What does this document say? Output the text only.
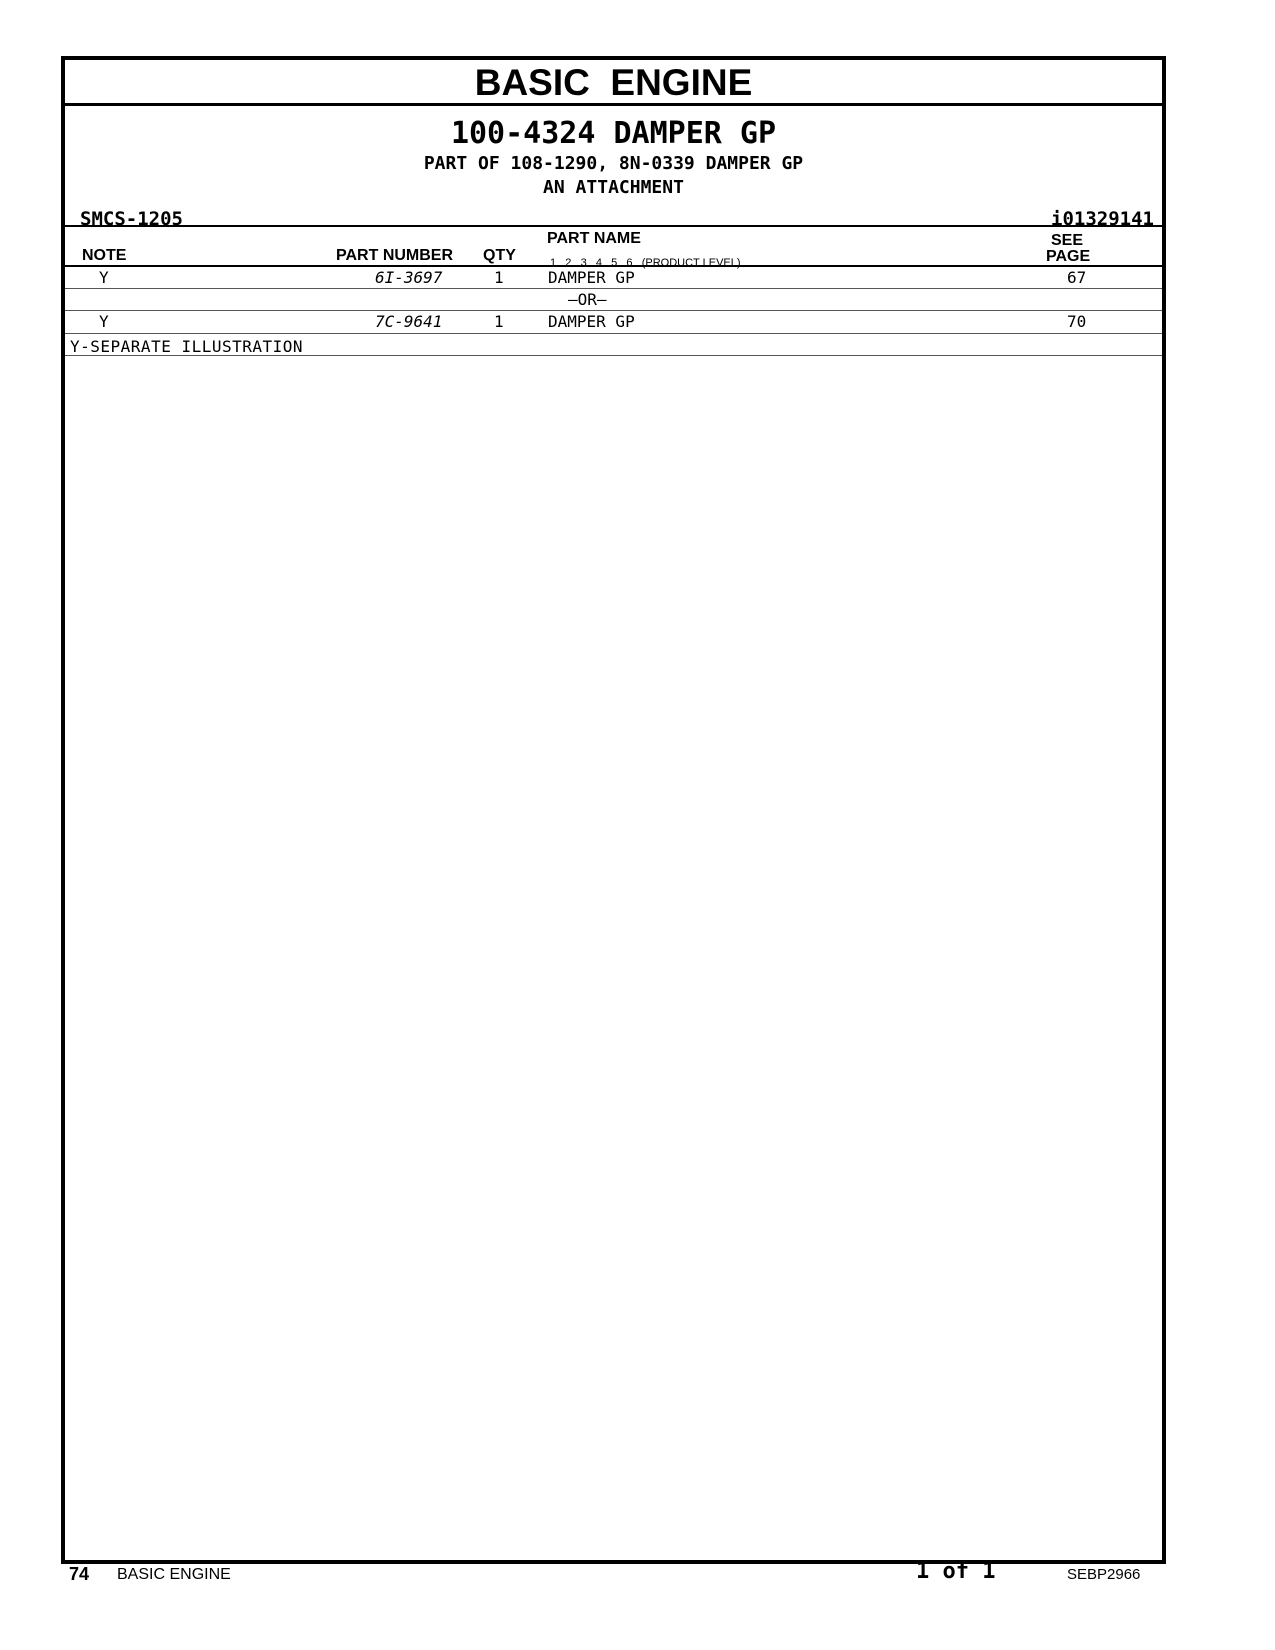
BASIC  ENGINE
100-4324 DAMPER GP
PART OF 108-1290, 8N-0339 DAMPER GP
AN ATTACHMENT
SMCS-1205	i01329141
NOTE	PART NUMBER QTY
PART NAME
1   2   3   4   5   6   (PRODUCT LEVEL)
SEE
PAGE
Y	6I-3697	1	DAMPER GP	67
—OR—
Y	7C-9641	1	DAMPER GP	70
Y-SEPARATE ILLUSTRATION
74 BASIC ENGINE	1 of 1	SEBP2966
